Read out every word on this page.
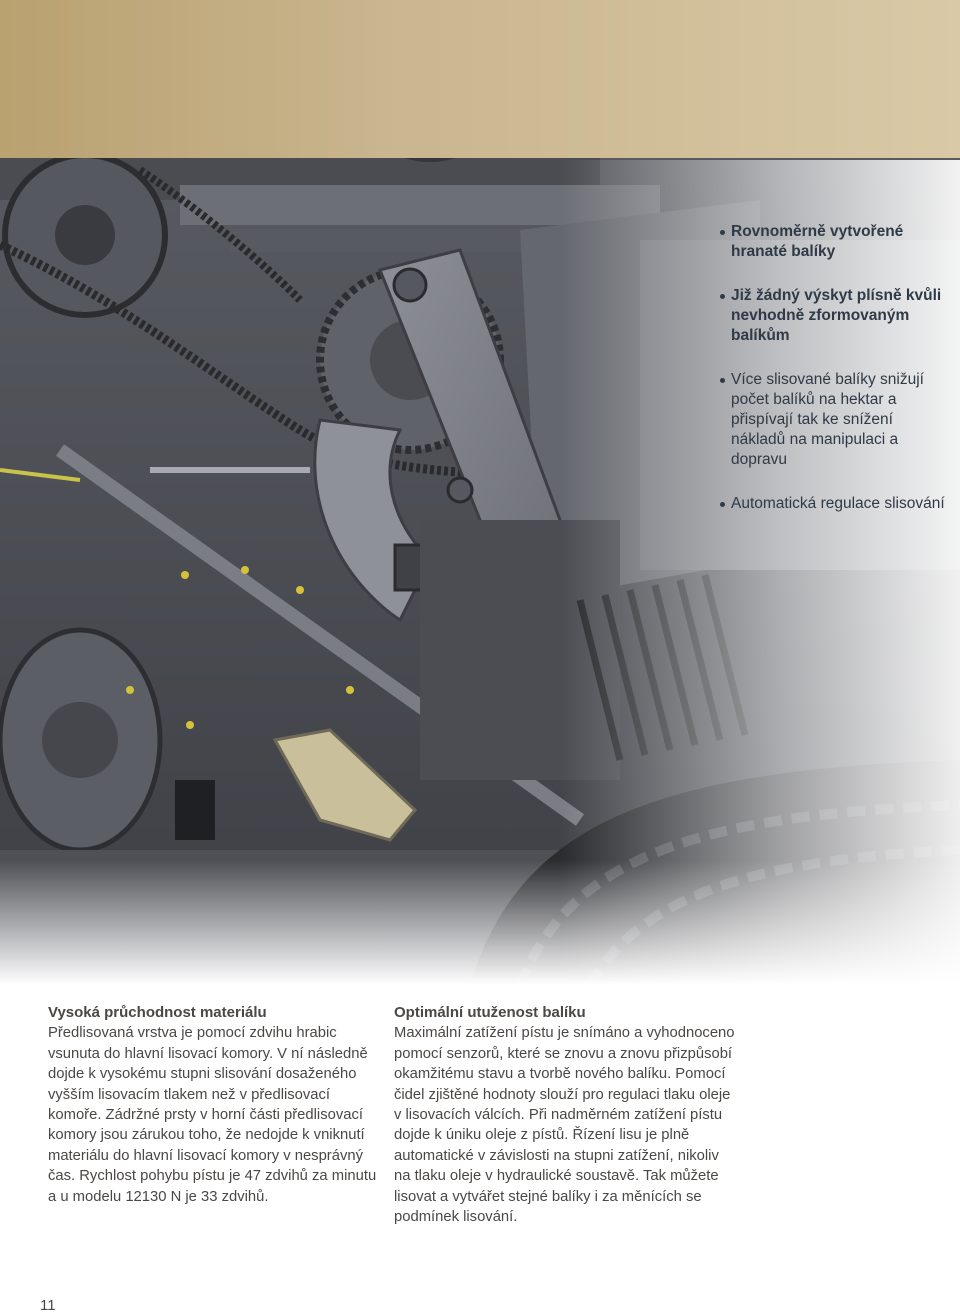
Rovnoměrně vytvořené hranaté balíky
Již žádný výskyt plísně kvůli nevhodně zformovaným balíkům
Více slisované balíky snižují počet balíků na hektar a přispívají tak ke snížení nákladů na manipulaci a dopravu
Automatická regulace slisování
Vysoká průchodnost materiálu

Předlisovaná vrstva je pomocí zdvihu hrabic vsunuta do hlavní lisovací komory. V ní následně dojde k vysokému stupni slisování dosaženého vyšším lisovacím tlakem než v předlisovací komoře. Zádržné prsty v horní části předlisovací komory jsou zárukou toho, že nedojde k vniknutí materiálu do hlavní lisovací komory v nesprávný čas. Rychlost pohybu pístu je 47 zdvihů za minutu a u modelu 12130 N je 33 zdvihů.

Optimální utuženost balíku

Maximální zatížení pístu je snímáno a vyhodnoceno pomocí senzorů, které se znovu a znovu přizpůsobí okamžitému stavu a tvorbě nového balíku. Pomocí čidel zjištěné hodnoty slouží pro regulaci tlaku oleje v lisovacích válcích. Při nadměrném zatížení pístu dojde k úniku oleje z pístů. Řízení lisu je plně automatické v závislosti na stupni zatížení, nikoliv na tlaku oleje v hydraulické soustavě. Tak můžete lisovat a vytvářet stejné balíky i za měnících se podmínek lisování.

11
